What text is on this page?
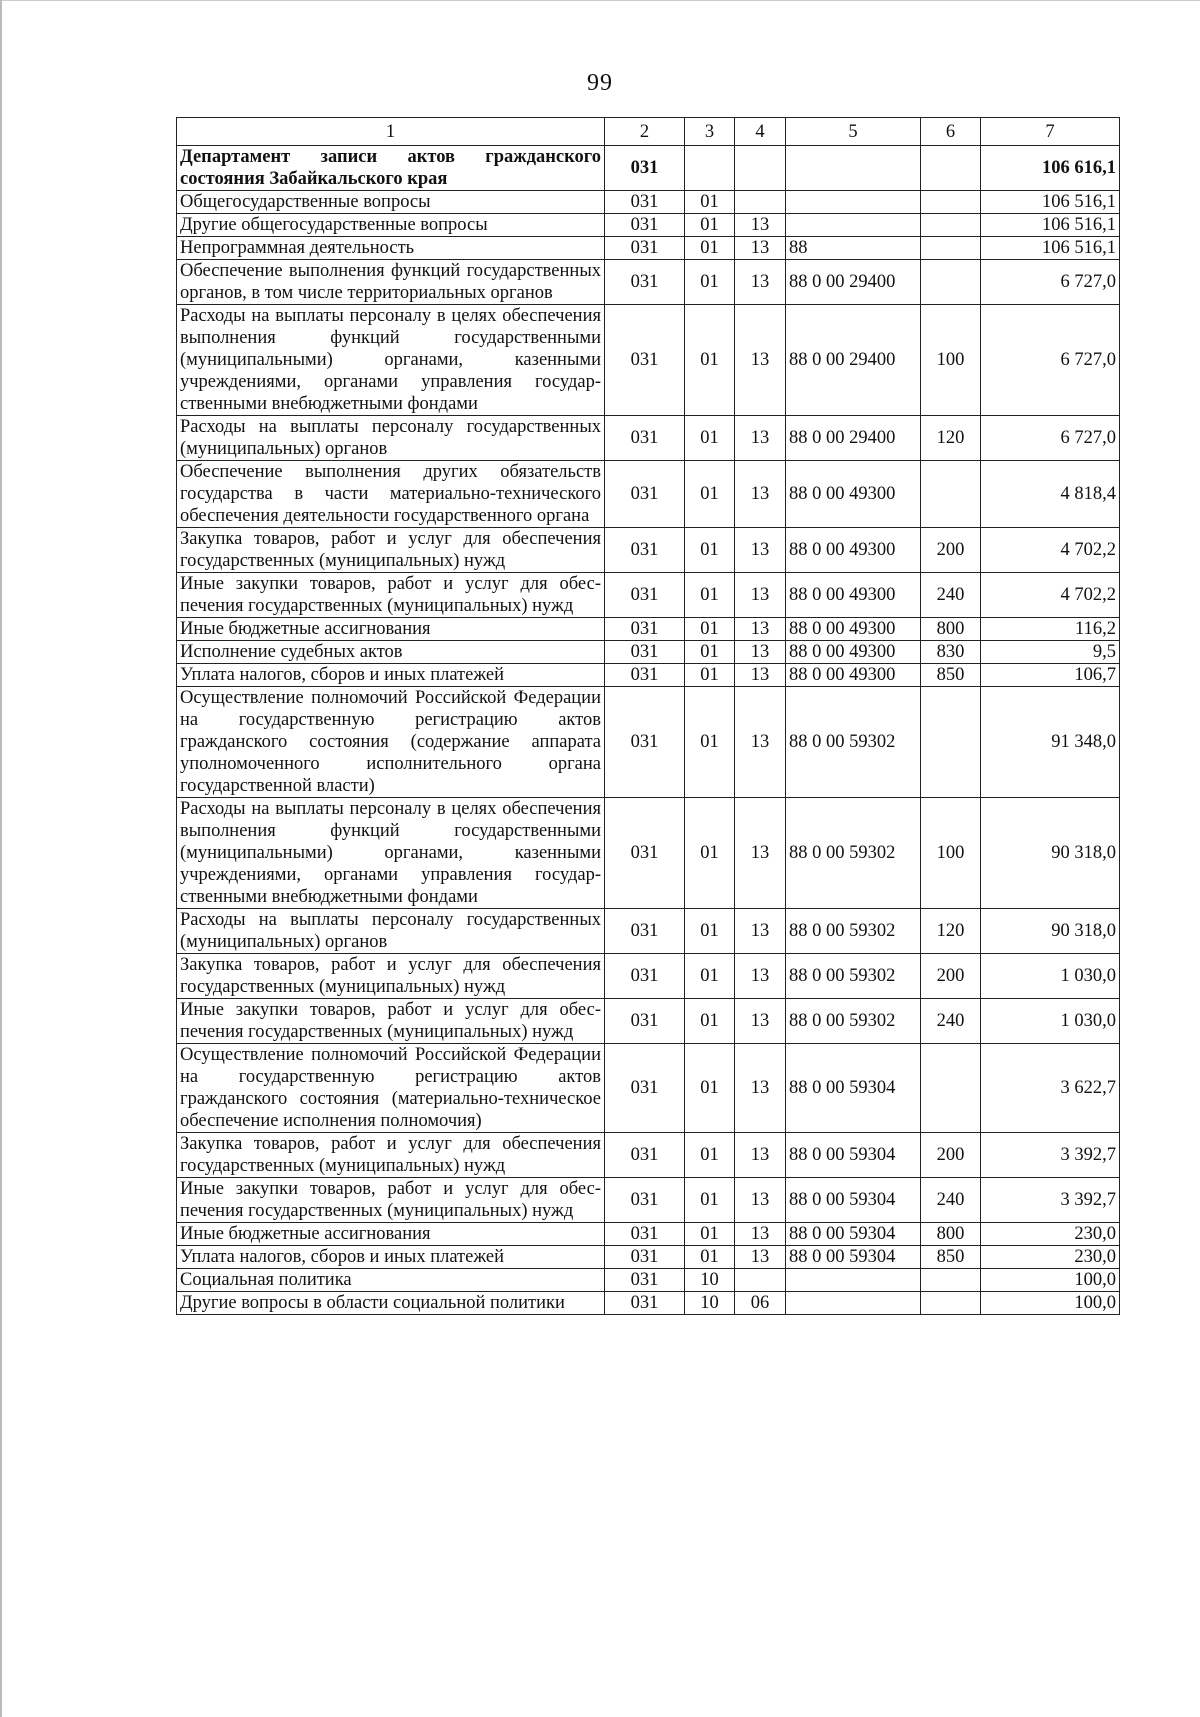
99
1	2	3	4	5	6	7
Департамент записи актов гражданского состояния Забайкальского края	031					106 616,1
Общегосударственные вопросы	031	01				106 516,1
Другие общегосударственные вопросы	031	01	13			106 516,1
Непрограммная деятельность	031	01	13	88		106 516,1
Обеспечение выполнения функций государственных органов, в том числе территориальных органов	031	01	13	88 0 00 29400		6 727,0
Расходы на выплаты персоналу в целях обеспечения выполнения функций государственными (муниципальными) органами, казенными учреждениями, органами управления государственными внебюджетными фондами	031	01	13	88 0 00 29400	100	6 727,0
Расходы на выплаты персоналу государственных (муниципальных) органов	031	01	13	88 0 00 29400	120	6 727,0
Обеспечение выполнения других обязательств государства в части материально-технического обеспечения деятельности государственного органа	031	01	13	88 0 00 49300		4 818,4
Закупка товаров, работ и услуг для обеспечения государственных (муниципальных) нужд	031	01	13	88 0 00 49300	200	4 702,2
Иные закупки товаров, работ и услуг для обеспечения государственных (муниципальных) нужд	031	01	13	88 0 00 49300	240	4 702,2
Иные бюджетные ассигнования	031	01	13	88 0 00 49300	800	116,2
Исполнение судебных актов	031	01	13	88 0 00 49300	830	9,5
Уплата налогов, сборов и иных платежей	031	01	13	88 0 00 49300	850	106,7
Осуществление полномочий Российской Федерации на государственную регистрацию актов гражданского состояния (содержание аппарата уполномоченного исполнительного органа государственной власти)	031	01	13	88 0 00 59302		91 348,0
Расходы на выплаты персоналу в целях обеспечения выполнения функций государственными (муниципальными) органами, казенными учреждениями, органами управления государственными внебюджетными фондами	031	01	13	88 0 00 59302	100	90 318,0
Расходы на выплаты персоналу государственных (муниципальных) органов	031	01	13	88 0 00 59302	120	90 318,0
Закупка товаров, работ и услуг для обеспечения государственных (муниципальных) нужд	031	01	13	88 0 00 59302	200	1 030,0
Иные закупки товаров, работ и услуг для обеспечения государственных (муниципальных) нужд	031	01	13	88 0 00 59302	240	1 030,0
Осуществление полномочий Российской Федерации на государственную регистрацию актов гражданского состояния (материально-техническое обеспечение исполнения полномочия)	031	01	13	88 0 00 59304		3 622,7
Закупка товаров, работ и услуг для обеспечения государственных (муниципальных) нужд	031	01	13	88 0 00 59304	200	3 392,7
Иные закупки товаров, работ и услуг для обеспечения государственных (муниципальных) нужд	031	01	13	88 0 00 59304	240	3 392,7
Иные бюджетные ассигнования	031	01	13	88 0 00 59304	800	230,0
Уплата налогов, сборов и иных платежей	031	01	13	88 0 00 59304	850	230,0
Социальная политика	031	10				100,0
Другие вопросы в области социальной политики	031	10	06			100,0
